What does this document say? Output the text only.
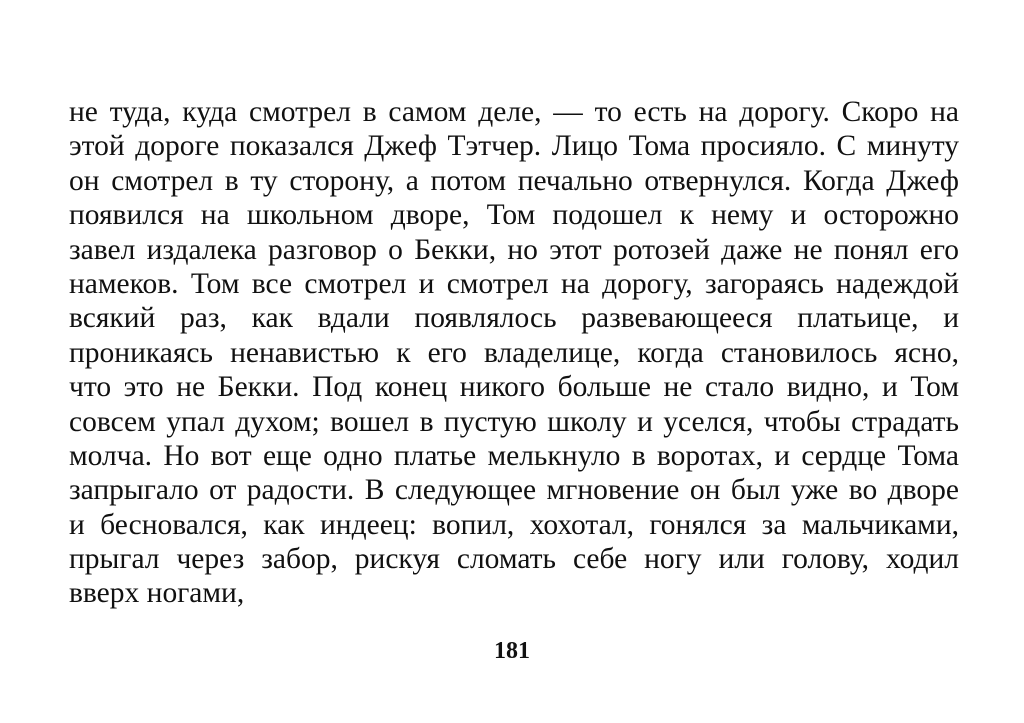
не туда, куда смотрел в самом деле, — то есть на дорогу. Скоро на
этой дороге показался Джеф Тэтчер. Лицо Тома просияло. С минуту
он смотрел в ту сторону, а потом печально отвернулся. Когда Джеф
появился на школьном дворе, Том подошел к нему и осторожно
завел издалека разговор о Бекки, но этот ротозей даже не понял его
намеков. Том все смотрел и смотрел на дорогу, загораясь надеждой
всякий раз, как вдали появлялось развевающееся платьице, и
проникаясь ненавистью к его владелице, когда становилось ясно,
что это не Бекки. Под конец никого больше не стало видно, и Том
совсем упал духом; вошел в пустую школу и уселся, чтобы страдать
молча. Но вот еще одно платье мелькнуло в воротах, и сердце Тома
запрыгало от радости. В следующее мгновение он был уже во дворе
и бесновался, как индеец: вопил, хохотал, гонялся за мальчиками,
прыгал через забор, рискуя сломать себе ногу или голову, ходил
вверх ногами,
181
